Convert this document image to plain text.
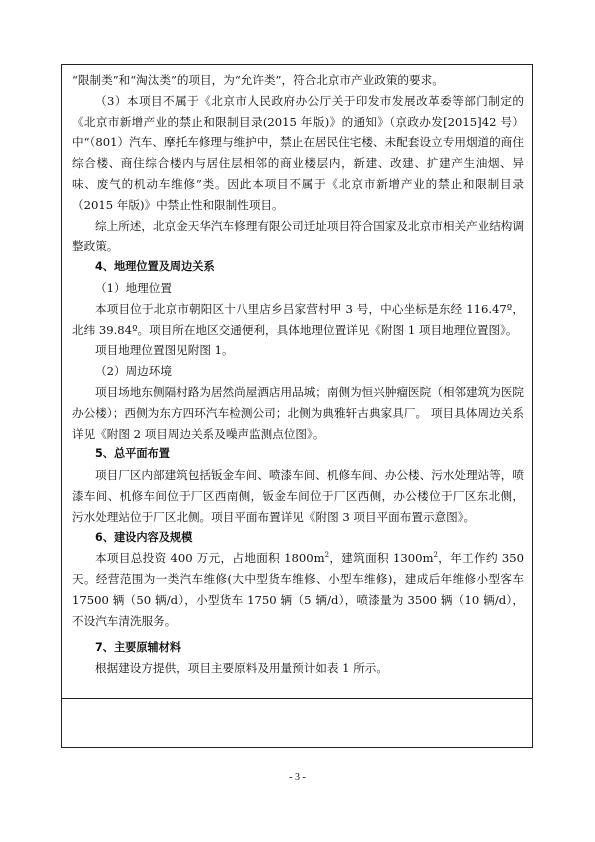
“限制类”和“淘汰类”的项目，为“允许类”，符合北京市产业政策的要求。

（3）本项目不属于《北京市人民政府办公厅关于印发市发展改革委等部门制定的《北京市新增产业的禁止和限制目录(2015 年版)》的通知》（京政办发[2015]42 号）中“（801）汽车、摩托车修理与维护中，禁止在居民住宅楼、未配套设立专用烟道的商住综合楼、商住综合楼内与居住层相邻的商业楼层内，新建、改建、扩建产生油烟、异味、废气的机动车维修”类。因此本项目不属于《北京市新增产业的禁止和限制目录（2015 年版)》中禁止性和限制性项目。

综上所述，北京金天华汽车修理有限公司迁址项目符合国家及北京市相关产业结构调整政策。

4、地理位置及周边关系

（1）地理位置

本项目位于北京市朝阳区十八里店乡吕家营村甲 3 号，中心坐标是东经 116.47º，北纬 39.84º。项目所在地区交通便利，具体地理位置详见《附图 1 项目地理位置图》。

项目地理位置图见附图 1。

（2）周边环境

项目场地东侧隔村路为居然尚屋酒店用品城；南侧为恒兴肿瘤医院（相邻建筑为医院办公楼）；西侧为东方四环汽车检测公司；北侧为典雅轩古典家具厂。 项目具体周边关系详见《附图 2 项目周边关系及噪声监测点位图》。

5、总平面布置

项目厂区内部建筑包括钣金车间、喷漆车间、机修车间、办公楼、污水处理站等，喷漆车间、机修车间位于厂区西南侧，钣金车间位于厂区西侧，办公楼位于厂区东北侧，污水处理站位于厂区北侧。项目平面布置详见《附图 3 项目平面布置示意图》。

6、建设内容及规模

本项目总投资 400 万元，占地面积 $1800m^2$，建筑面积 $1300m^2$，年工作约 350 天。经营范围为一类汽车维修(大中型货车维修、小型车维修)，建成后年维修小型客车 17500 辆（50 辆/d），小型货车 1750 辆（5 辆/d），喷漆量为 3500 辆（10 辆/d），不设汽车清洗服务。

7、主要原辅材料

根据建设方提供，项目主要原料及用量预计如表 1 所示。

- 3 -
